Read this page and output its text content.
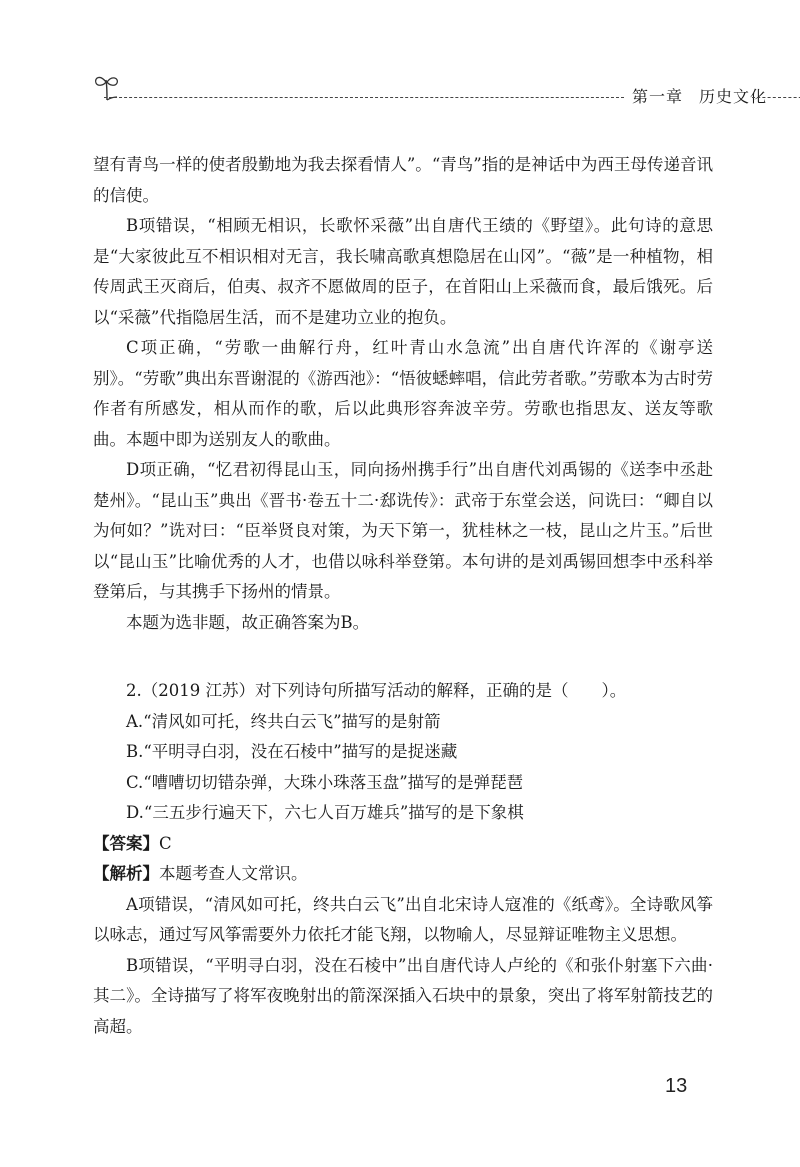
第一章 历史文化

望有青鸟一样的使者殷勤地为我去探看情人”。“青鸟”指的是神话中为西王母传递音讯的信使。

B项错误，“相顾无相识，长歌怀采薇”出自唐代王绩的《野望》。此句诗的意思是“大家彼此互不相识相对无言，我长啸高歌真想隐居在山冈”。“薇”是一种植物，相传周武王灭商后，伯夷、叔齐不愿做周的臣子，在首阳山上采薇而食，最后饿死。后以“采薇”代指隐居生活，而不是建功立业的抱负。

C项正确，“劳歌一曲解行舟，红叶青山水急流”出自唐代许浑的《谢亭送别》。“劳歌”典出东晋谢混的《游西池》：“悟彼蟋蟀唱，信此劳者歌。”劳歌本为古时劳作者有所感发，相从而作的歌，后以此典形容奔波辛劳。劳歌也指思友、送友等歌曲。本题中即为送别友人的歌曲。

D项正确，“忆君初得昆山玉，同向扬州携手行”出自唐代刘禹锡的《送李中丞赴楚州》。“昆山玉”典出《晋书·卷五十二·郄诜传》：武帝于东堂会送，问诜曰：“卿自以为何如？”诜对曰：“臣举贤良对策，为天下第一，犹桂林之一枝，昆山之片玉。”后世以“昆山玉”比喻优秀的人才，也借以咏科举登第。本句讲的是刘禹锡回想李中丞科举登第后，与其携手下扬州的情景。

本题为选非题，故正确答案为B。

2.（2019 江苏）对下列诗句所描写活动的解释，正确的是（　　）。

A.“清风如可托，终共白云飞”描写的是射箭

B.“平明寻白羽，没在石棱中”描写的是捉迷藏

C.“嘈嘈切切错杂弹，大珠小珠落玉盘”描写的是弹琵琶

D.“三五步行遍天下，六七人百万雄兵”描写的是下象棋

【答案】C

【解析】本题考查人文常识。

A项错误，“清风如可托，终共白云飞”出自北宋诗人寇准的《纸鸢》。全诗歌风筝以咏志，通过写风筝需要外力依托才能飞翔，以物喻人，尽显辩证唯物主义思想。

B项错误，“平明寻白羽，没在石棱中”出自唐代诗人卢纶的《和张仆射塞下六曲·其二》。全诗描写了将军夜晚射出的箭深深插入石块中的景象，突出了将军射箭技艺的高超。

13
